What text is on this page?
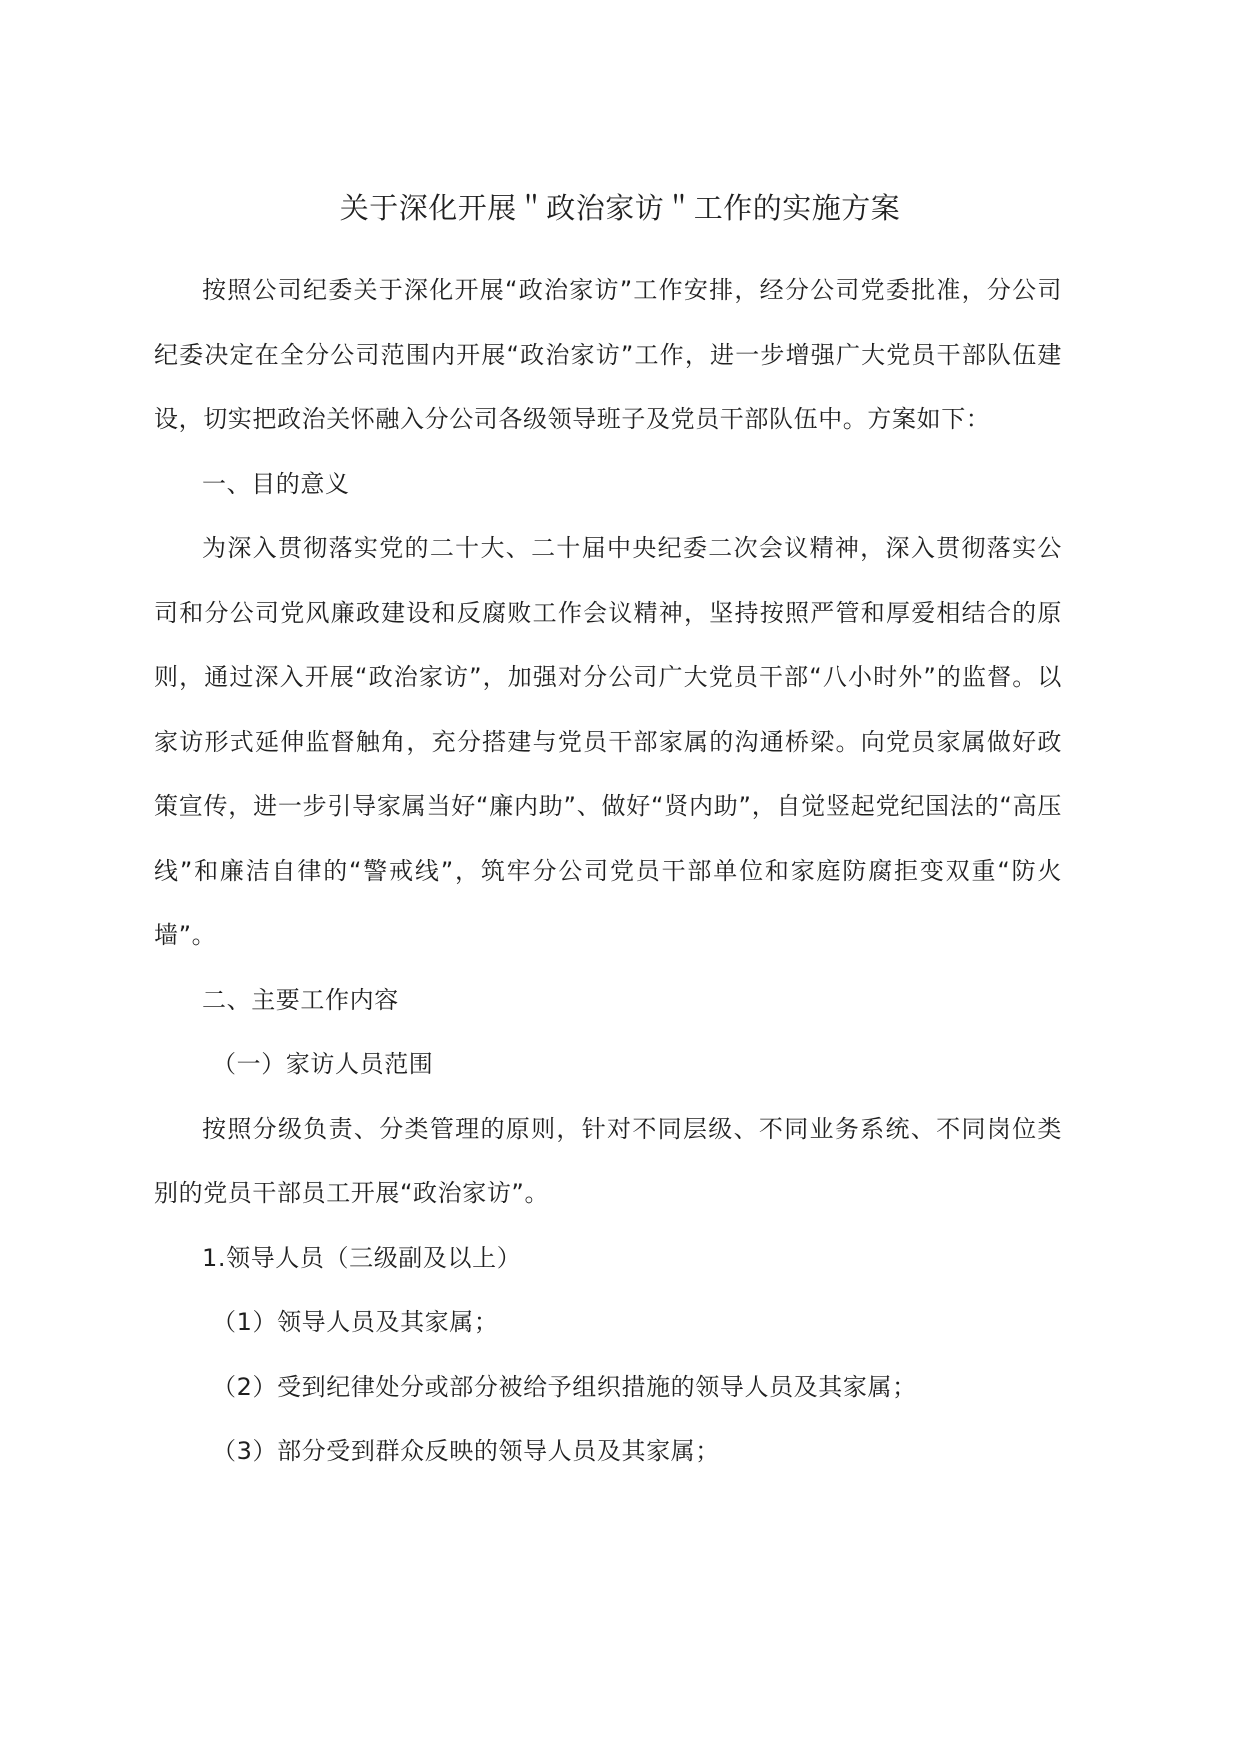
关于深化开展＂政治家访＂工作的实施方案

按照公司纪委关于深化开展“政治家访”工作安排，经分公司党委批准，分公司纪委决定在全分公司范围内开展“政治家访”工作，进一步增强广大党员干部队伍建设，切实把政治关怀融入分公司各级领导班子及党员干部队伍中。方案如下：

一、目的意义

为深入贯彻落实党的二十大、二十届中央纪委二次会议精神，深入贯彻落实公司和分公司党风廉政建设和反腐败工作会议精神，坚持按照严管和厚爱相结合的原则，通过深入开展“政治家访”，加强对分公司广大党员干部“八小时外”的监督。以家访形式延伸监督触角，充分搭建与党员干部家属的沟通桥梁。向党员家属做好政策宣传，进一步引导家属当好“廉内助”、做好“贤内助”，自觉竖起党纪国法的“高压线”和廉洁自律的“警戒线”，筑牢分公司党员干部单位和家庭防腐拒变双重“防火墙”。

二、主要工作内容

（一）家访人员范围

按照分级负责、分类管理的原则，针对不同层级、不同业务系统、不同岗位类别的党员干部员工开展“政治家访”。

1.领导人员（三级副及以上）

（1）领导人员及其家属；

（2）受到纪律处分或部分被给予组织措施的领导人员及其家属；

（3）部分受到群众反映的领导人员及其家属；
